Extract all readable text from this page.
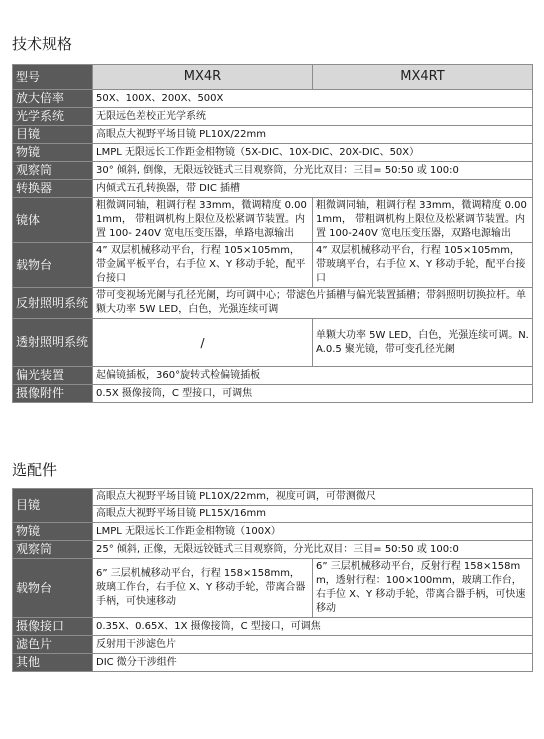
技术规格
型号	MX4R	MX4RT
放大倍率	50X、100X、200X、500X	
光学系统	无限远色差校正光学系统	
目镜	高眼点大视野平场目镜 PL10X/22mm	
物镜	LMPL 无限远长工作距金相物镜（5X-DIC、10X-DIC、20X-DIC、50X）	
观察筒	30° 倾斜, 倒像，无限远铰链式三目观察筒，分光比双目：三目= 50:50 或 100:0	
转换器	内倾式五孔转换器，带 DIC 插槽	
镜体	粗微调同轴，粗调行程 33mm，微调精度 0.001mm， 带粗调机构上限位及松紧调节装置。内置 100- 240V 宽电压变压器，单路电源输出	粗微调同轴，粗调行程 33mm，微调精度 0.001mm， 带粗调机构上限位及松紧调节装置。内置 100-240V 宽电压变压器，双路电源输出
载物台	4” 双层机械移动平台，行程 105×105mm，带金属平板平台，右手位 X、Y 移动手轮，配平台接口	4” 双层机械移动平台，行程 105×105mm，带玻璃平台，右手位 X、Y 移动手轮，配平台接口
反射照明系统	带可变视场光阑与孔径光阑，均可调中心；带滤色片插槽与偏光装置插槽；带斜照明切换拉杆。单颗大功率 5W LED，白色，光强连续可调	
透射照明系统	/	单颗大功率 5W LED，白色，光强连续可调。N.A.0.5 聚光镜，带可变孔径光阑
偏光装置	起偏镜插板，360°旋转式检偏镜插板	
摄像附件	0.5X 摄像接筒，C 型接口，可调焦	
选配件
目镜	高眼点大视野平场目镜 PL10X/22mm，视度可调，可带测微尺	
	高眼点大视野平场目镜 PL15X/16mm	
物镜	LMPL 无限远长工作距金相物镜（100X）	
观察筒	25° 倾斜, 正像，无限远铰链式三目观察筒，分光比双目：三目= 50:50 或 100:0	
载物台	6” 三层机械移动平台，行程 158×158mm，玻璃工作台，右手位 X、Y 移动手轮，带离合器手柄，可快速移动	6” 三层机械移动平台，反射行程 158×158mm，透射行程：100×100mm，玻璃工作台，右手位 X、Y 移动手轮，带离合器手柄，可快速移动
摄像接口	0.35X、0.65X、1X 摄像接筒，C 型接口，可调焦	
滤色片	反射用干涉滤色片	
其他	DIC 微分干涉组件	
